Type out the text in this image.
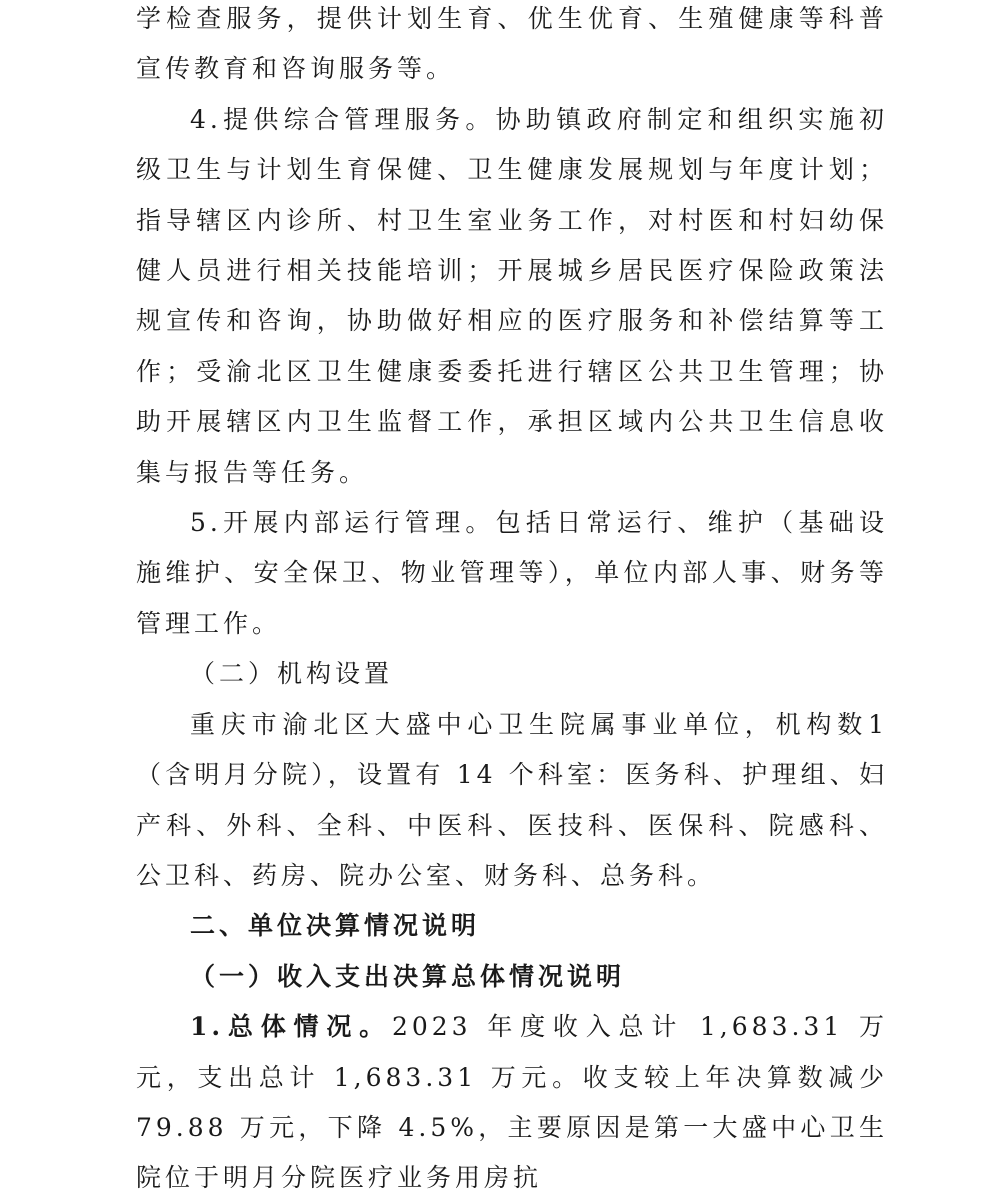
学检查服务，提供计划生育、优生优育、生殖健康等科普宣传教育和咨询服务等。

4.提供综合管理服务。协助镇政府制定和组织实施初级卫生与计划生育保健、卫生健康发展规划与年度计划；指导辖区内诊所、村卫生室业务工作，对村医和村妇幼保健人员进行相关技能培训；开展城乡居民医疗保险政策法规宣传和咨询，协助做好相应的医疗服务和补偿结算等工作；受渝北区卫生健康委委托进行辖区公共卫生管理；协助开展辖区内卫生监督工作，承担区域内公共卫生信息收集与报告等任务。

5.开展内部运行管理。包括日常运行、维护（基础设施维护、安全保卫、物业管理等），单位内部人事、财务等管理工作。

（二）机构设置

重庆市渝北区大盛中心卫生院属事业单位，机构数1（含明月分院），设置有 14 个科室：医务科、护理组、妇产科、外科、全科、中医科、医技科、医保科、院感科、公卫科、药房、院办公室、财务科、总务科。

二、单位决算情况说明

（一）收入支出决算总体情况说明

1.总体情况。2023 年度收入总计 1,683.31 万元，支出总计 1,683.31 万元。收支较上年决算数减少 79.88 万元，下降 4.5%，主要原因是第一大盛中心卫生院位于明月分院医疗业务用房抗
